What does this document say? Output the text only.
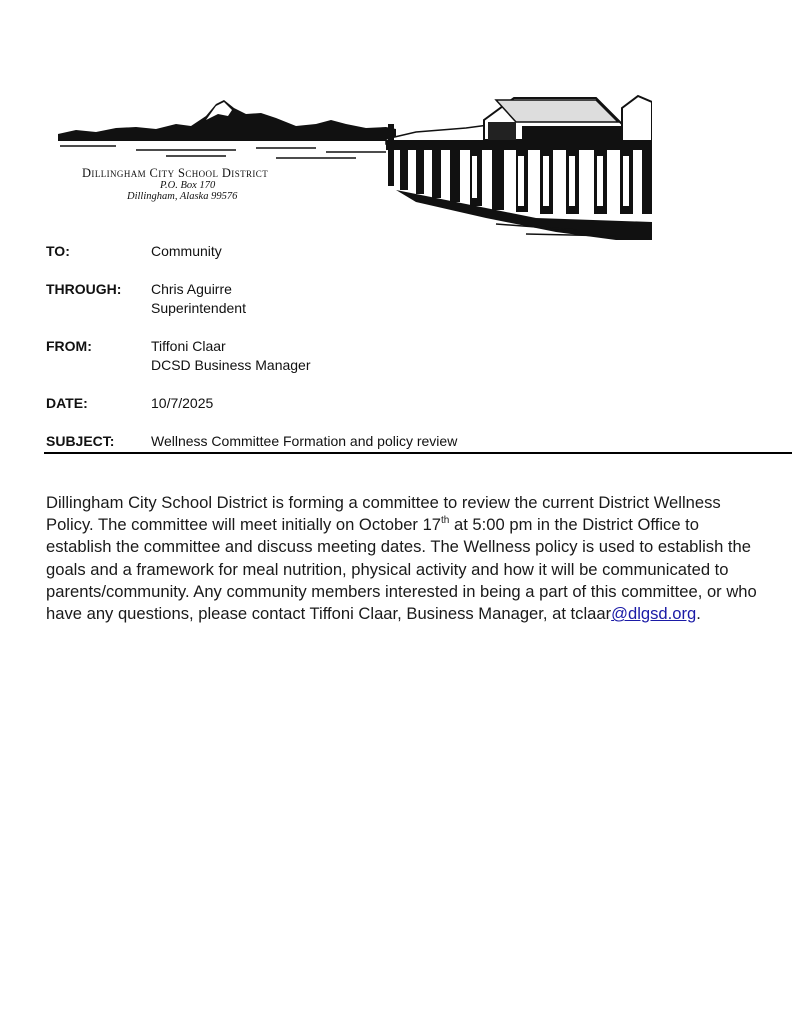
Dillingham City School District
P.O. Box 170
Dillingham, Alaska 99576
TO:	Community
THROUGH: Chris Aguirre
Superintendent
FROM:	Tiffoni Claar
DCSD Business Manager
DATE:	10/7/2025
SUBJECT:	Wellness Committee Formation and policy review
Dillingham City School District is forming a committee to review the current District Wellness Policy. The committee will meet initially on October 17th at 5:00 pm in the District Office to establish the committee and discuss meeting dates. The Wellness policy is used to establish the goals and a framework for meal nutrition, physical activity and how it will be communicated to parents/community. Any community members interested in being a part of this committee, or who have any questions, please contact Tiffoni Claar, Business Manager, at tclaar@dlgsd.org.
